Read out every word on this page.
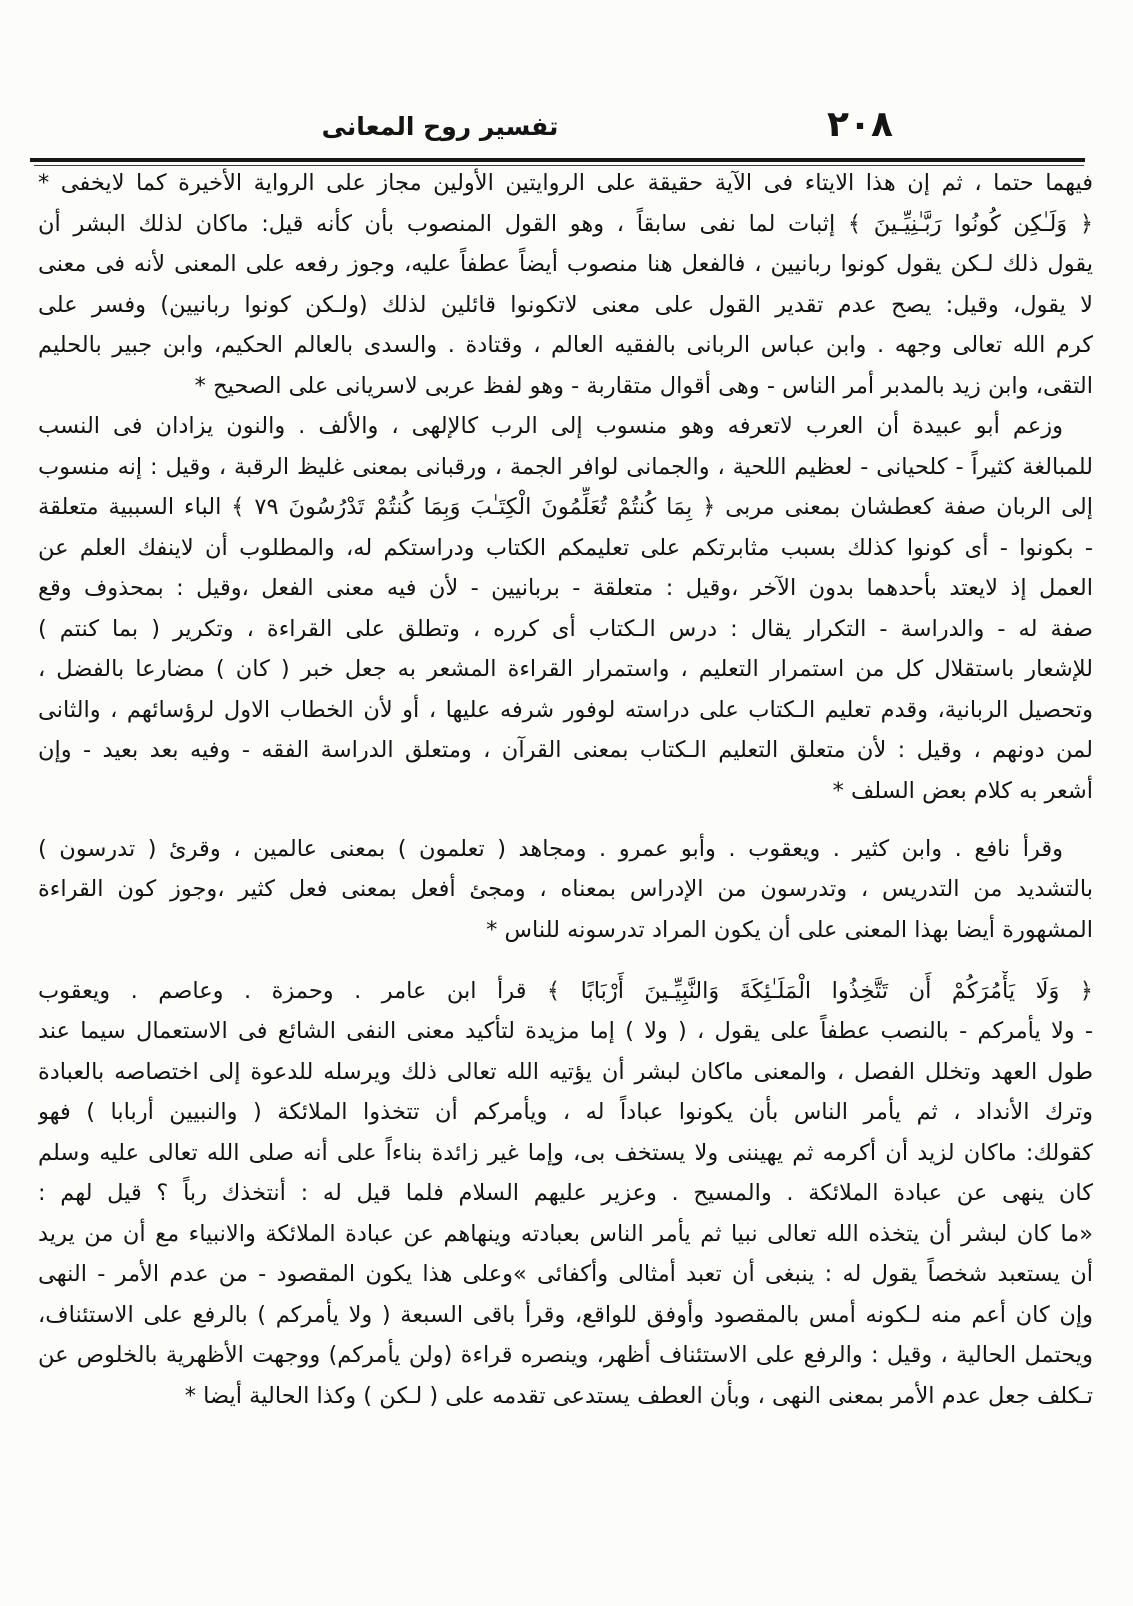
٢٠٨
تفسير روح المعانى
فيهما حتما ، ثم إن هذا الايتاء فى الآية حقيقة على الروايتين الأولين مجاز على الرواية الأخيرة كما لايخفى *
﴿ وَلَـٰكِن كُونُوا رَبَّـٰنِيِّـينَ ﴾ إثبات لما نفى سابقاً ، وهو القول المنصوب بأن كأنه قيل: ماكان لذلك البشر أن
يقول ذلك لـكن يقول كونوا ربانيين ، فالفعل هنا منصوب أيضاً عطفاً عليه، وجوز رفعه على المعنى لأنه فى معنى
لا يقول، وقيل: يصح عدم تقدير القول على معنى لاتكونوا قائلين لذلك (ولـكن كونوا ربانيين) وفسر على
كرم الله تعالى وجهه . وابن عباس الربانى بالفقيه العالم ، وقتادة . والسدى بالعالم الحكيم، وابن جبير بالحليم
التقى، وابن زيد بالمدبر أمر الناس - وهى أقوال متقاربة - وهو لفظ عربى لاسريانى على الصحيح *
وزعم أبو عبيدة أن العرب لاتعرفه وهو منسوب إلى الرب كالإلهى ، والألف . والنون يزادان فى النسب
للمبالغة كثيراً - كلحيانى - لعظيم اللحية ، والجمانى لوافر الجمة ، ورقبانى بمعنى غليظ الرقبة ، وقيل : إنه منسوب
إلى الربان صفة كعطشان بمعنى مربى ﴿ بِمَا كُنتُمْ تُعَلِّمُونَ الْكِتَـٰبَ وَبِمَا كُنتُمْ تَدْرُسُونَ ٧٩ ﴾ الباء السببية متعلقة
- بكونوا - أى كونوا كذلك بسبب مثابرتكم على تعليمكم الكتاب ودراستكم له، والمطلوب أن لاينفك العلم عن
العمل إذ لايعتد بأحدهما بدون الآخر ،وقيل : متعلقة - بربانيين - لأن فيه معنى الفعل ،وقيل : بمحذوف وقع
صفة له - والدراسة - التكرار يقال : درس الـكتاب أى كرره ، وتطلق على القراءة ، وتكرير ( بما كنتم )
للإشعار باستقلال كل من استمرار التعليم ، واستمرار القراءة المشعر به جعل خبر ( كان ) مضارعا بالفضل ،
وتحصيل الربانية، وقدم تعليم الـكتاب على دراسته لوفور شرفه عليها ، أو لأن الخطاب الاول لرؤسائهم ، والثانى
لمن دونهم ، وقيل : لأن متعلق التعليم الـكتاب بمعنى القرآن ، ومتعلق الدراسة الفقه - وفيه بعد بعيد - وإن
أشعر به كلام بعض السلف *
وقرأ نافع . وابن كثير . ويعقوب . وأبو عمرو . ومجاهد ( تعلمون ) بمعنى عالمين ، وقرئ ( تدرسون )
بالتشديد من التدريس ، وتدرسون من الإدراس بمعناه ، ومجئ أفعل بمعنى فعل كثير ،وجوز كون القراءة
المشهورة أيضا بهذا المعنى على أن يكون المراد تدرسونه للناس *
﴿ وَلَا يَأْمُرَكُمْ أَن تَتَّخِذُوا الْمَلَـٰئِكَةَ وَالنَّبِيِّـينَ أَرْبَابًا ﴾ قرأ ابن عامر . وحمزة . وعاصم . ويعقوب
- ولا يأمركم - بالنصب عطفاً على يقول ، ( ولا ) إما مزيدة لتأكيد معنى النفى الشائع فى الاستعمال سيما عند
طول العهد وتخلل الفصل ، والمعنى ماكان لبشر أن يؤتيه الله تعالى ذلك ويرسله للدعوة إلى اختصاصه بالعبادة
وترك الأنداد ، ثم يأمر الناس بأن يكونوا عباداً له ، ويأمركم أن تتخذوا الملائكة ( والنبيين أربابا ) فهو
كقولك: ماكان لزيد أن أكرمه ثم يهيننى ولا يستخف بى، وإما غير زائدة بناءاً على أنه صلى الله تعالى عليه وسلم
كان ينهى عن عبادة الملائكة . والمسيح . وعزير عليهم السلام فلما قيل له : أنتخذك رباً ؟ قيل لهم :
«ما كان لبشر أن يتخذه الله تعالى نبيا ثم يأمر الناس بعبادته وينهاهم عن عبادة الملائكة والانبياء مع أن من يريد
أن يستعبد شخصاً يقول له : ينبغى أن تعبد أمثالى وأكفائى »وعلى هذا يكون المقصود - من عدم الأمر - النهى
وإن كان أعم منه لـكونه أمس بالمقصود وأوفق للواقع، وقرأ باقى السبعة ( ولا يأمركم ) بالرفع على الاستئناف،
ويحتمل الحالية ، وقيل : والرفع على الاستئناف أظهر، وينصره قراءة (ولن يأمركم) ووجهت الأظهرية بالخلوص عن
تـكلف جعل عدم الأمر بمعنى النهى ، وبأن العطف يستدعى تقدمه على ( لـكن ) وكذا الحالية أيضا *
